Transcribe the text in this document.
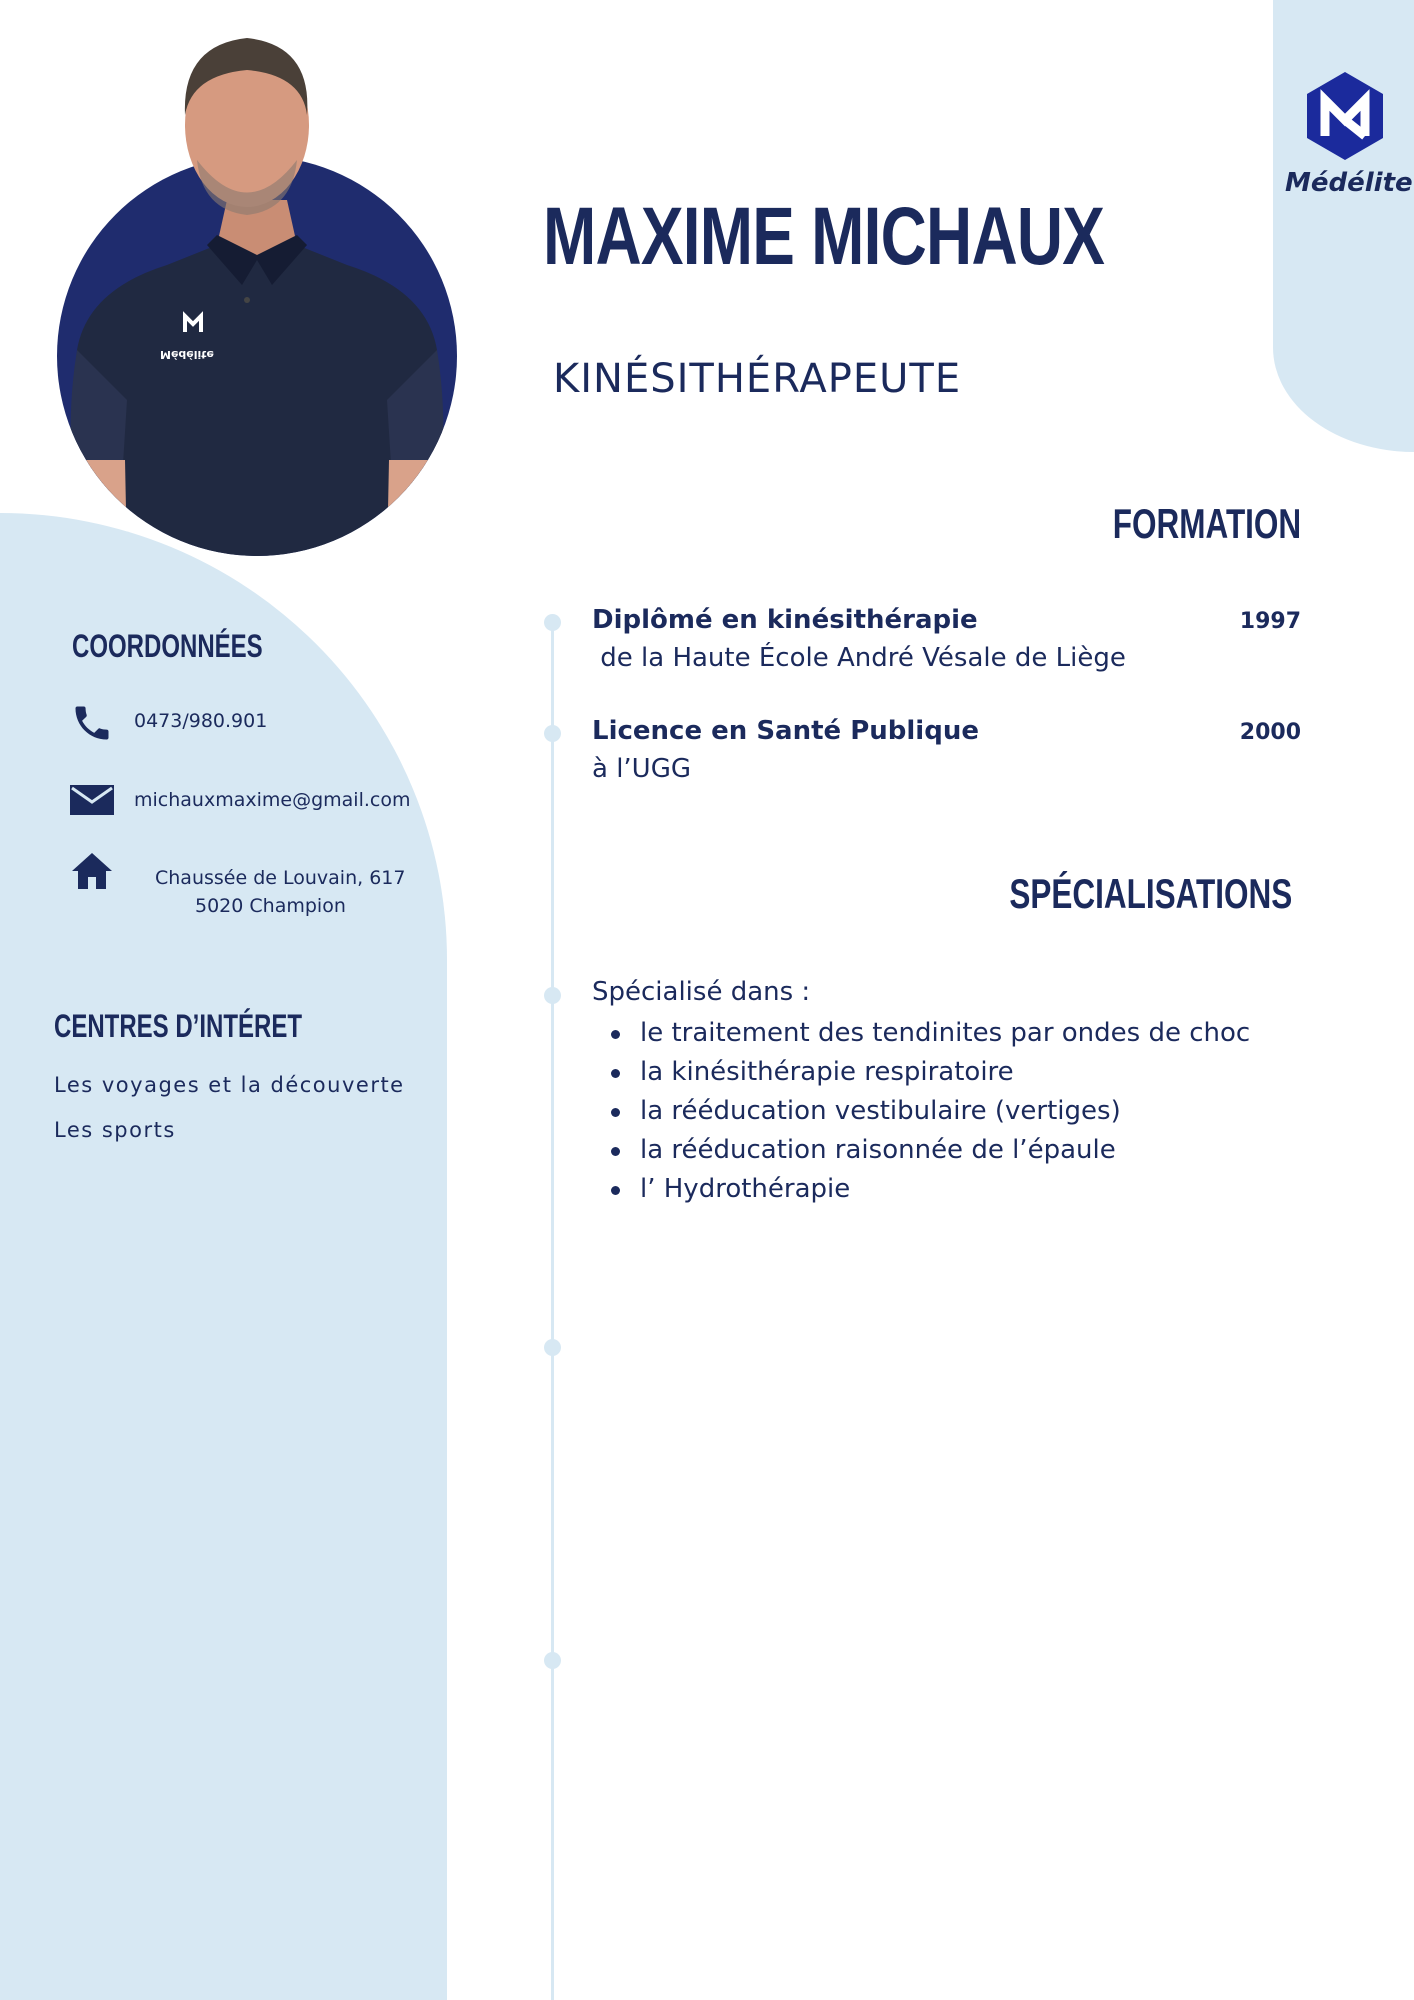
Médélite
Médélite
MAXIME MICHAUX
KINÉSITHÉRAPEUTE
COORDONNÉES
0473/980.901
michauxmaxime@gmail.com
Chaussée de Louvain, 617
5020 Champion
CENTRES D’INTÉRET
Les voyages et la découverte
Les sports
FORMATION
Diplômé en kinésithérapie
de la Haute École André Vésale de Liège
1997
Licence en Santé Publique
à l’UGG
2000
SPÉCIALISATIONS
Spécialisé dans :
le traitement des tendinites par ondes de choc
la kinésithérapie respiratoire
la rééducation vestibulaire (vertiges)
la rééducation raisonnée de l’épaule
l’ Hydrothérapie
